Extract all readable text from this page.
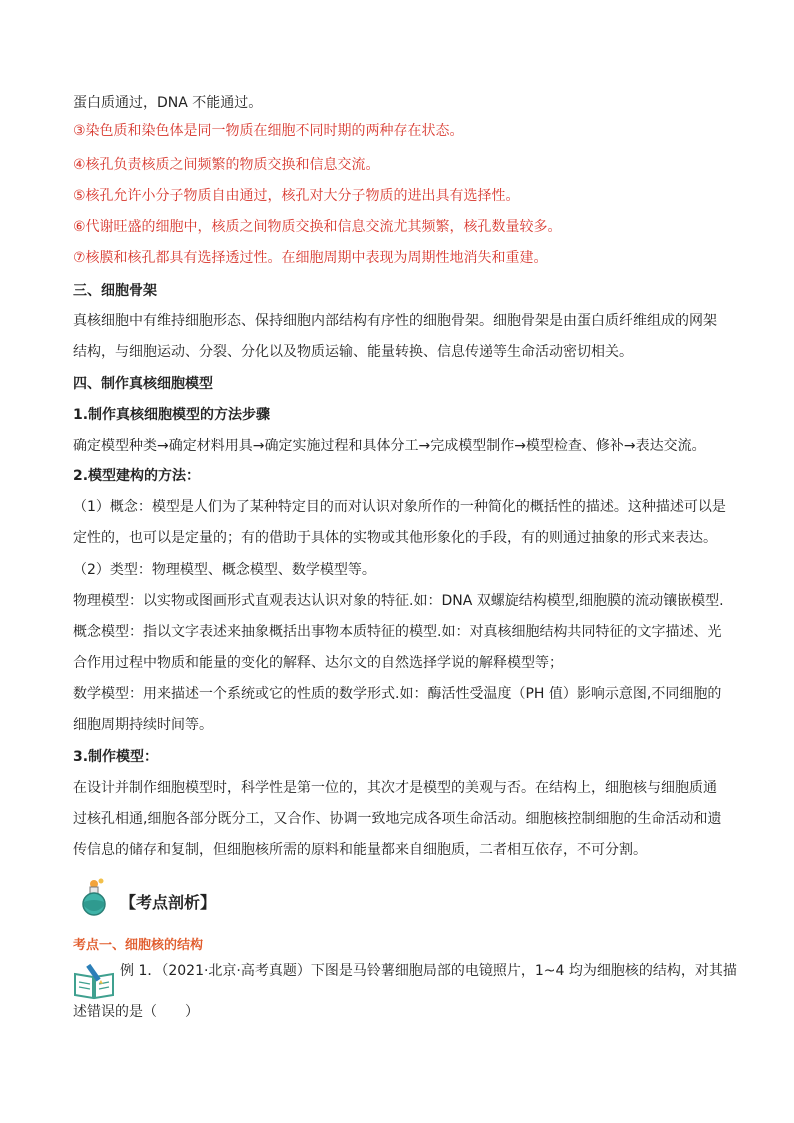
蛋白质通过，DNA 不能通过。
③染色质和染色体是同一物质在细胞不同时期的两种存在状态。
④核孔负责核质之间频繁的物质交换和信息交流。
⑤核孔允许小分子物质自由通过，核孔对大分子物质的进出具有选择性。
⑥代谢旺盛的细胞中，核质之间物质交换和信息交流尤其频繁，核孔数量较多。
⑦核膜和核孔都具有选择透过性。在细胞周期中表现为周期性地消失和重建。
三、细胞骨架
真核细胞中有维持细胞形态、保持细胞内部结构有序性的细胞骨架。细胞骨架是由蛋白质纤维组成的网架
结构，与细胞运动、分裂、分化以及物质运输、能量转换、信息传递等生命活动密切相关。
四、制作真核细胞模型
1.制作真核细胞模型的方法步骤
确定模型种类→确定材料用具→确定实施过程和具体分工→完成模型制作→模型检查、修补→表达交流。
2.模型建构的方法：
（1）概念：模型是人们为了某种特定目的而对认识对象所作的一种简化的概括性的描述。这种描述可以是
定性的，也可以是定量的；有的借助于具体的实物或其他形象化的手段，有的则通过抽象的形式来表达。
（2）类型：物理模型、概念模型、数学模型等。
物理模型：以实物或图画形式直观表达认识对象的特征.如：DNA 双螺旋结构模型,细胞膜的流动镶嵌模型.
概念模型：指以文字表述来抽象概括出事物本质特征的模型.如：对真核细胞结构共同特征的文字描述、光
合作用过程中物质和能量的变化的解释、达尔文的自然选择学说的解释模型等；
数学模型：用来描述一个系统或它的性质的数学形式.如：酶活性受温度（PH 值）影响示意图,不同细胞的
细胞周期持续时间等。
3.制作模型：
在设计并制作细胞模型时，科学性是第一位的，其次才是模型的美观与否。在结构上，细胞核与细胞质通
过核孔相通,细胞各部分既分工，又合作、协调一致地完成各项生命活动。细胞核控制细胞的生命活动和遗
传信息的储存和复制，但细胞核所需的原料和能量都来自细胞质，二者相互依存，不可分割。
【考点剖析】
考点一、细胞核的结构
例 1．（2021·北京·高考真题）下图是马铃薯细胞局部的电镜照片，1~4 均为细胞核的结构，对其描
述错误的是（　　）
